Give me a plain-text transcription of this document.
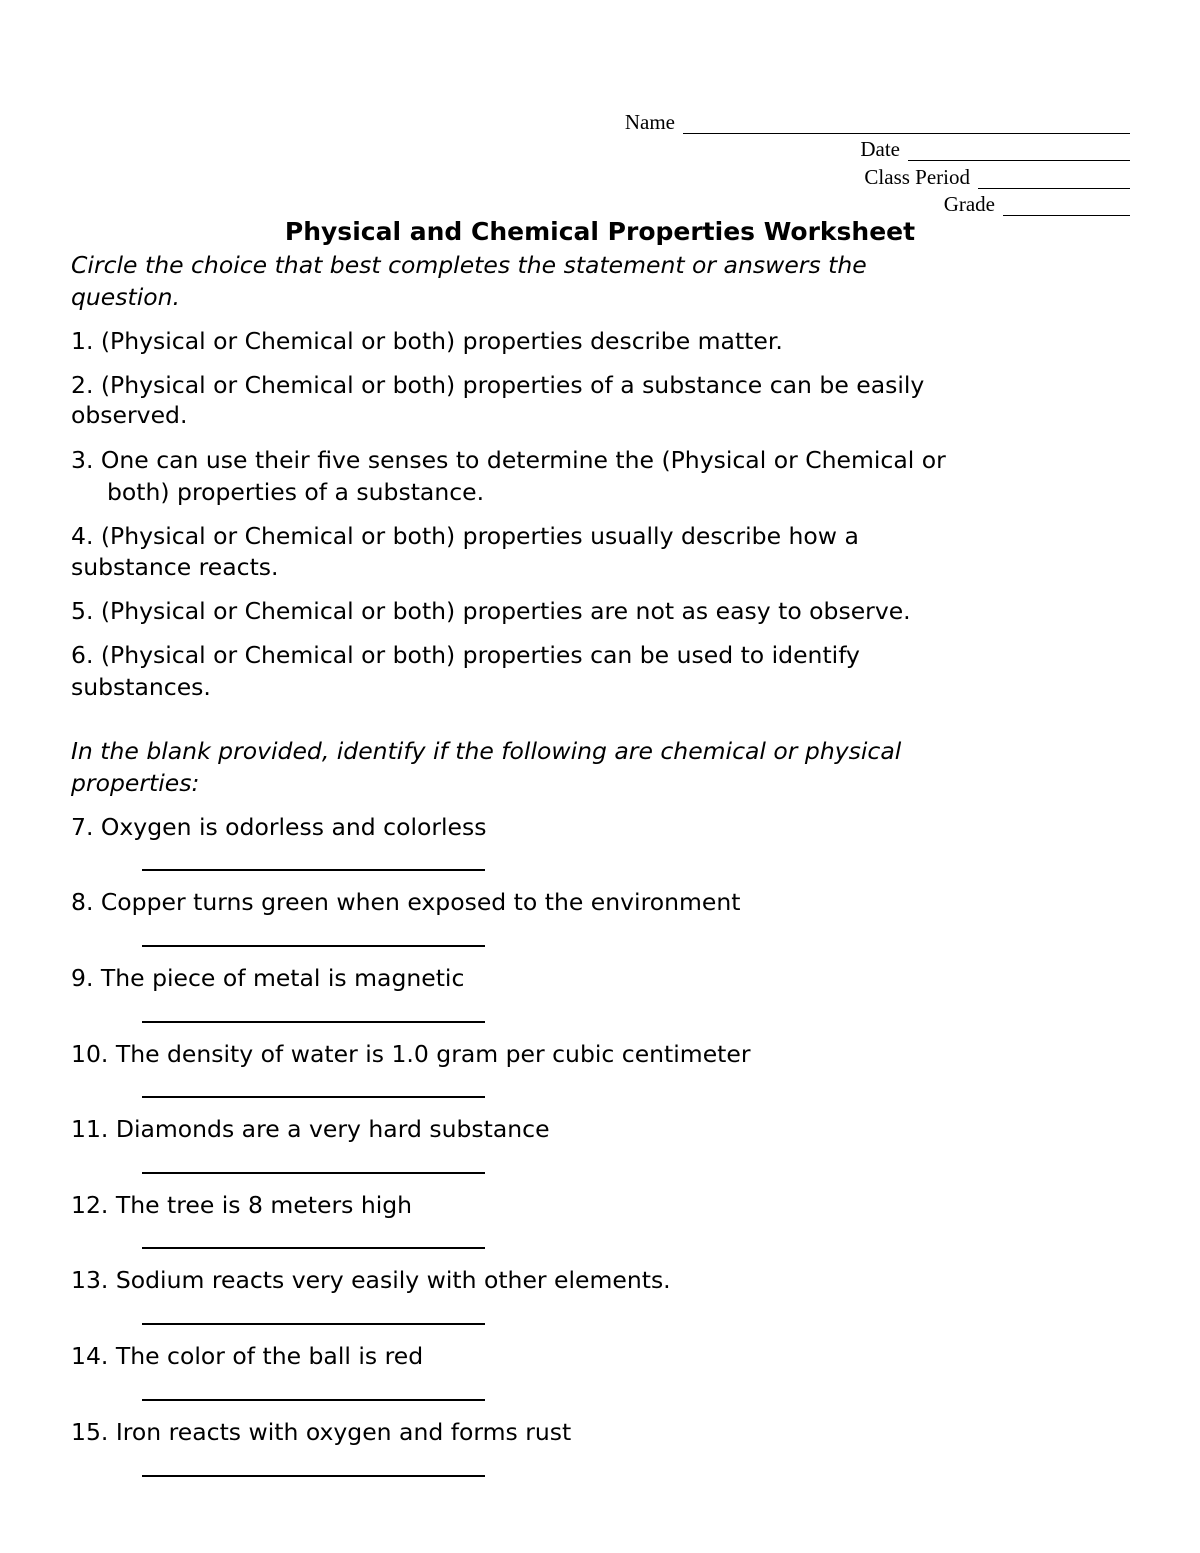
Name
Date
Class Period
Grade
Physical and Chemical Properties Worksheet
Circle the choice that best completes the statement or answers the
question.
1. (Physical or Chemical or both) properties describe matter.
2. (Physical or Chemical or both) properties of a substance can be easily
observed.
3. One can use their five senses to determine the (Physical or Chemical or
both) properties of a substance.
4. (Physical or Chemical or both) properties usually describe how a
substance reacts.
5. (Physical or Chemical or both) properties are not as easy to observe.
6. (Physical or Chemical or both) properties can be used to identify
substances.
In the blank provided, identify if the following are chemical or physical
properties:
7. Oxygen is odorless and colorless
8. Copper turns green when exposed to the environment
9. The piece of metal is magnetic
10. The density of water is 1.0 gram per cubic centimeter
11. Diamonds are a very hard substance
12. The tree is 8 meters high
13. Sodium reacts very easily with other elements.
14. The color of the ball is red
15. Iron reacts with oxygen and forms rust
